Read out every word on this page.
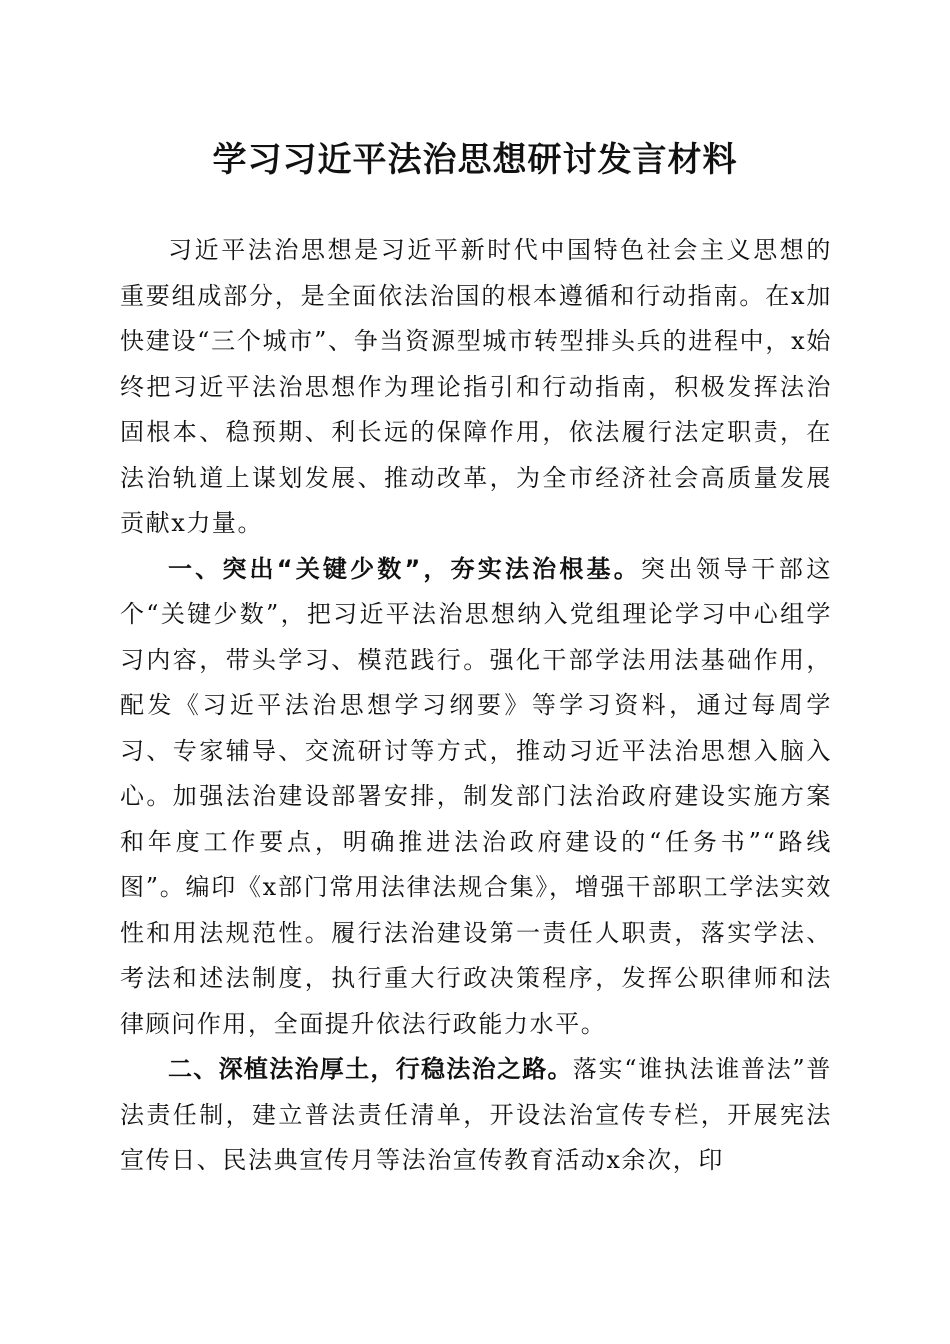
学习习近平法治思想研讨发言材料

习近平法治思想是习近平新时代中国特色社会主义思想的重要组成部分，是全面依法治国的根本遵循和行动指南。在x加快建设“三个城市”、争当资源型城市转型排头兵的进程中，x始终把习近平法治思想作为理论指引和行动指南，积极发挥法治固根本、稳预期、利长远的保障作用，依法履行法定职责，在法治轨道上谋划发展、推动改革，为全市经济社会高质量发展贡献x力量。

一、突出“关键少数”，夯实法治根基。突出领导干部这个“关键少数”，把习近平法治思想纳入党组理论学习中心组学习内容，带头学习、模范践行。强化干部学法用法基础作用，配发《习近平法治思想学习纲要》等学习资料，通过每周学习、专家辅导、交流研讨等方式，推动习近平法治思想入脑入心。加强法治建设部署安排，制发部门法治政府建设实施方案和年度工作要点，明确推进法治政府建设的“任务书”“路线图”。编印《x部门常用法律法规合集》，增强干部职工学法实效性和用法规范性。履行法治建设第一责任人职责，落实学法、考法和述法制度，执行重大行政决策程序，发挥公职律师和法律顾问作用，全面提升依法行政能力水平。

二、深植法治厚土，行稳法治之路。落实“谁执法谁普法”普法责任制，建立普法责任清单，开设法治宣传专栏，开展宪法宣传日、民法典宣传月等法治宣传教育活动x余次，印
